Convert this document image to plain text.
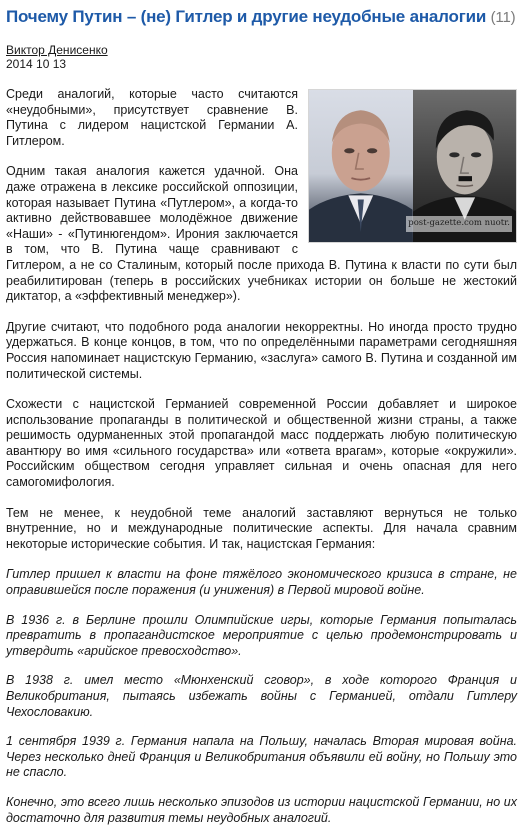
Почему Путин – (не) Гитлер и другие неудобные аналогии (11)
Виктор Денисенко
2014 10 13
post-gazette.com nuotr.

Среди аналогий, которые часто считаются «неудобными», присутствует сравнение В. Путина с лидером нацистской Германии А. Гитлером.

Одним такая аналогия кажется удачной. Она даже отражена в лексике российской оппозиции, которая называет Путина «Путлером», а когда-то активно действовавшее молодёжное движение «Наши» - «Путинюгендом». Ирония заключается в том, что В. Путина чаще сравнивают с Гитлером, а не со Сталиным, который после прихода В. Путина к власти по сути был реабилитирован (теперь в российских учебниках истории он больше не жестокий диктатор, а «эффективный менеджер»).

Другие считают, что подобного рода аналогии некорректны. Но иногда просто трудно удержаться. В конце концов, в том, что по определёнными параметрами сегодняшняя Россия напоминает нацистскую Германию, «заслуга» самого В. Путина и созданной им политической системы.

Схожести с нацистской Германией современной России добавляет и широкое использование пропаганды в политической и общественной жизни страны, а также решимость одурманенных этой пропагандой масс поддержать любую политическую авантюру во имя «сильного государства» или «ответа врагам», которые «окружили». Российским обществом сегодня управляет сильная и очень опасная для него самогомифология.

Тем не менее, к неудобной теме аналогий заставляют вернуться не только внутренние, но и международные политические аспекты. Для начала сравним некоторые исторические события. И так, нацистская Германия:

Гитлер пришел к власти на фоне тяжёлого экономического кризиса в стране, не оправившейся после поражения (и унижения) в Первой мировой войне.

В 1936 г. в Берлине прошли Олимпийские игры, которые Германия попыталась превратить в пропагандистское мероприятие с целью продемонстрировать и утвердить «арийское превосходство».

В 1938 г. имел место «Мюнхенский сговор», в ходе которого Франция и Великобритания, пытаясь избежать войны с Германией, отдали Гитлеру Чехословакию.

1 сентября 1939 г. Германия напала на Польшу, началась Вторая мировая война. Через несколько дней Франция и Великобритания объявили ей войну, но Польшу это не спасло.

Конечно, это всего лишь несколько эпизодов из истории нацистской Германии, но их достаточно для развития темы неудобных аналогий.
